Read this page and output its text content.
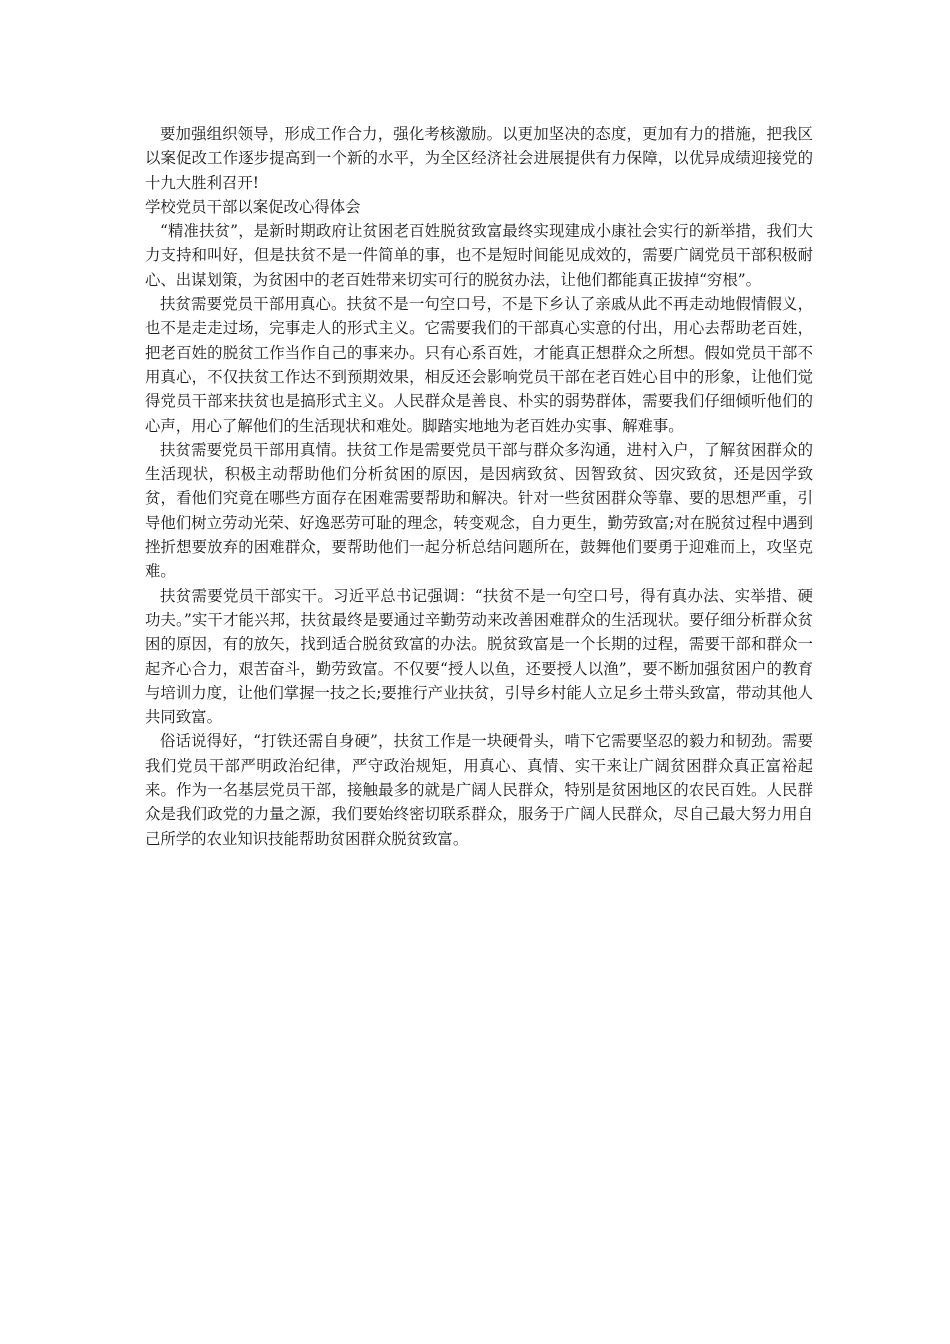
要加强组织领导，形成工作合力，强化考核激励。以更加坚决的态度，更加有力的措施，把我区以案促改工作逐步提高到一个新的水平，为全区经济社会进展提供有力保障，以优异成绩迎接党的十九大胜利召开!

学校党员干部以案促改心得体会

“精准扶贫”，是新时期政府让贫困老百姓脱贫致富最终实现建成小康社会实行的新举措，我们大力支持和叫好，但是扶贫不是一件简单的事，也不是短时间能见成效的，需要广阔党员干部积极耐心、出谋划策，为贫困中的老百姓带来切实可行的脱贫办法，让他们都能真正拔掉“穷根”。

扶贫需要党员干部用真心。扶贫不是一句空口号，不是下乡认了亲戚从此不再走动地假情假义，也不是走走过场，完事走人的形式主义。它需要我们的干部真心实意的付出，用心去帮助老百姓，把老百姓的脱贫工作当作自己的事来办。只有心系百姓，才能真正想群众之所想。假如党员干部不用真心，不仅扶贫工作达不到预期效果，相反还会影响党员干部在老百姓心目中的形象，让他们觉得党员干部来扶贫也是搞形式主义。人民群众是善良、朴实的弱势群体，需要我们仔细倾听他们的心声，用心了解他们的生活现状和难处。脚踏实地地为老百姓办实事、解难事。

扶贫需要党员干部用真情。扶贫工作是需要党员干部与群众多沟通，进村入户，了解贫困群众的生活现状，积极主动帮助他们分析贫困的原因，是因病致贫、因智致贫、因灾致贫，还是因学致贫，看他们究竟在哪些方面存在困难需要帮助和解决。针对一些贫困群众等靠、要的思想严重，引导他们树立劳动光荣、好逸恶劳可耻的理念，转变观念，自力更生，勤劳致富;对在脱贫过程中遇到挫折想要放弃的困难群众，要帮助他们一起分析总结问题所在，鼓舞他们要勇于迎难而上，攻坚克难。

扶贫需要党员干部实干。习近平总书记强调：“扶贫不是一句空口号，得有真办法、实举措、硬功夫。”实干才能兴邦，扶贫最终是要通过辛勤劳动来改善困难群众的生活现状。要仔细分析群众贫困的原因，有的放矢，找到适合脱贫致富的办法。脱贫致富是一个长期的过程，需要干部和群众一起齐心合力，艰苦奋斗，勤劳致富。不仅要“授人以鱼，还要授人以渔”，要不断加强贫困户的教育与培训力度，让他们掌握一技之长;要推行产业扶贫，引导乡村能人立足乡土带头致富，带动其他人共同致富。

俗话说得好，“打铁还需自身硬”，扶贫工作是一块硬骨头，啃下它需要坚忍的毅力和韧劲。需要我们党员干部严明政治纪律，严守政治规矩，用真心、真情、实干来让广阔贫困群众真正富裕起来。作为一名基层党员干部，接触最多的就是广阔人民群众，特别是贫困地区的农民百姓。人民群众是我们政党的力量之源，我们要始终密切联系群众，服务于广阔人民群众，尽自己最大努力用自己所学的农业知识技能帮助贫困群众脱贫致富。
